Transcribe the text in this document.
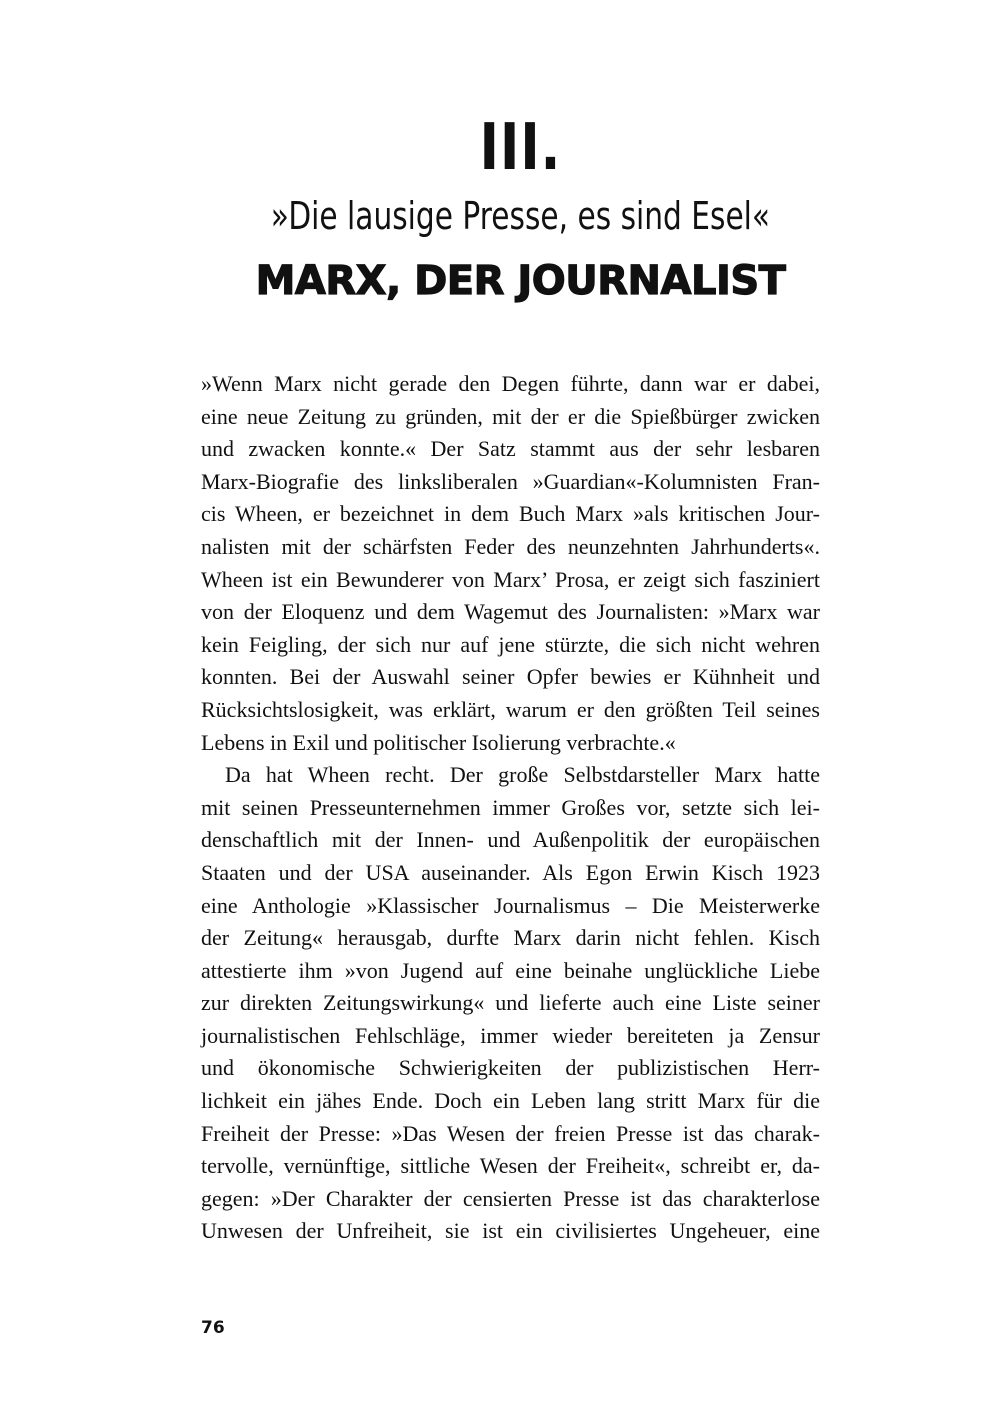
III.
»Die lausige Presse, es sind Esel«
MARX, DER JOURNALIST
»Wenn Marx nicht gerade den Degen führte, dann war er dabei,
eine neue Zeitung zu gründen, mit der er die Spießbürger zwicken
und zwacken konnte.« Der Satz stammt aus der sehr lesbaren
Marx-Biografie des linksliberalen »Guardian«-Kolumnisten Fran-
cis Wheen, er bezeichnet in dem Buch Marx »als kritischen Jour-
nalisten mit der schärfsten Feder des neunzehnten Jahrhunderts«.
Wheen ist ein Bewunderer von Marx’ Prosa, er zeigt sich fasziniert
von der Eloquenz und dem Wagemut des Journalisten: »Marx war
kein Feigling, der sich nur auf jene stürzte, die sich nicht wehren
konnten. Bei der Auswahl seiner Opfer bewies er Kühnheit und
Rücksichtslosigkeit, was erklärt, warum er den größten Teil seines
Lebens in Exil und politischer Isolierung verbrachte.«
Da hat Wheen recht. Der große Selbstdarsteller Marx hatte
mit seinen Presseunternehmen immer Großes vor, setzte sich lei-
denschaftlich mit der Innen- und Außenpolitik der europäischen
Staaten und der USA auseinander. Als Egon Erwin Kisch 1923
eine Anthologie »Klassischer Journalismus – Die Meisterwerke
der Zeitung« herausgab, durfte Marx darin nicht fehlen. Kisch
attestierte ihm »von Jugend auf eine beinahe unglückliche Liebe
zur direkten Zeitungswirkung« und lieferte auch eine Liste seiner
journalistischen Fehlschläge, immer wieder bereiteten ja Zensur
und ökonomische Schwierigkeiten der publizistischen Herr-
lichkeit ein jähes Ende. Doch ein Leben lang stritt Marx für die
Freiheit der Presse: »Das Wesen der freien Presse ist das charak-
tervolle, vernünftige, sittliche Wesen der Freiheit«, schreibt er, da-
gegen: »Der Charakter der censierten Presse ist das charakterlose
Unwesen der Unfreiheit, sie ist ein civilisiertes Ungeheuer, eine
76
